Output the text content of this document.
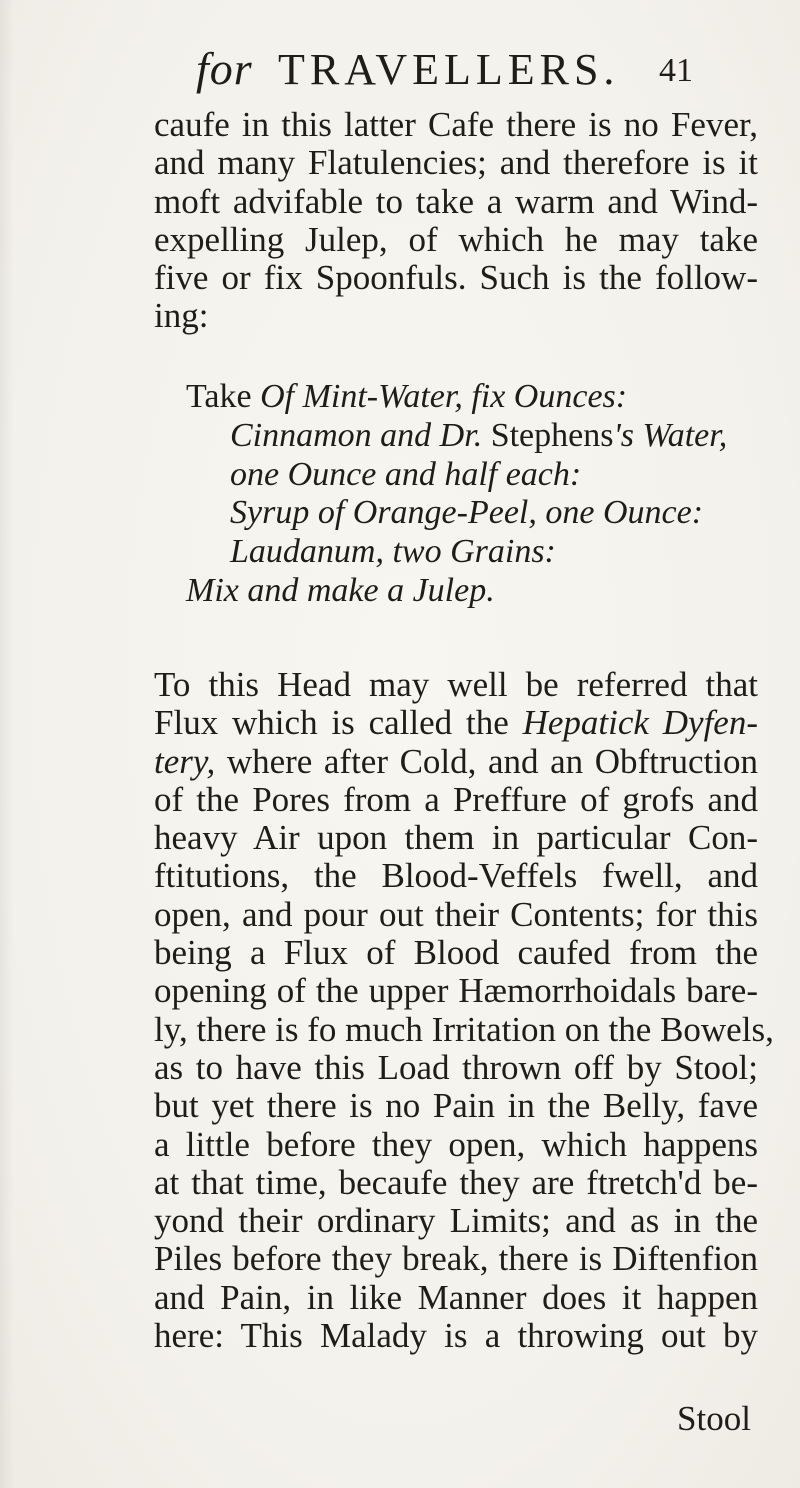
for TRAVELLERS. 41
caufe in this latter Cafe there is no Fever,
and many Flatulencies; and therefore is it
moft advifable to take a warm and Wind-
expelling Julep, of which he may take
five or fix Spoonfuls. Such is the follow-
ing:
Take Of Mint-Water, fix Ounces:
Cinnamon and Dr. Stephens's Water,
one Ounce and half each:
Syrup of Orange-Peel, one Ounce:
Laudanum, two Grains:
Mix and make a Julep.
To this Head may well be referred that
Flux which is called the Hepatick Dyfen-
tery, where after Cold, and an Obftruction
of the Pores from a Preffure of grofs and
heavy Air upon them in particular Con-
ftitutions, the Blood-Veffels fwell, and
open, and pour out their Contents; for this
being a Flux of Blood caufed from the
opening of the upper Hæmorrhoidals bare-
ly, there is fo much Irritation on the Bowels,
as to have this Load thrown off by Stool;
but yet there is no Pain in the Belly, fave
a little before they open, which happens
at that time, becaufe they are ftretch'd be-
yond their ordinary Limits; and as in the
Piles before they break, there is Diftenfion
and Pain, in like Manner does it happen
here: This Malady is a throwing out by
Stool
